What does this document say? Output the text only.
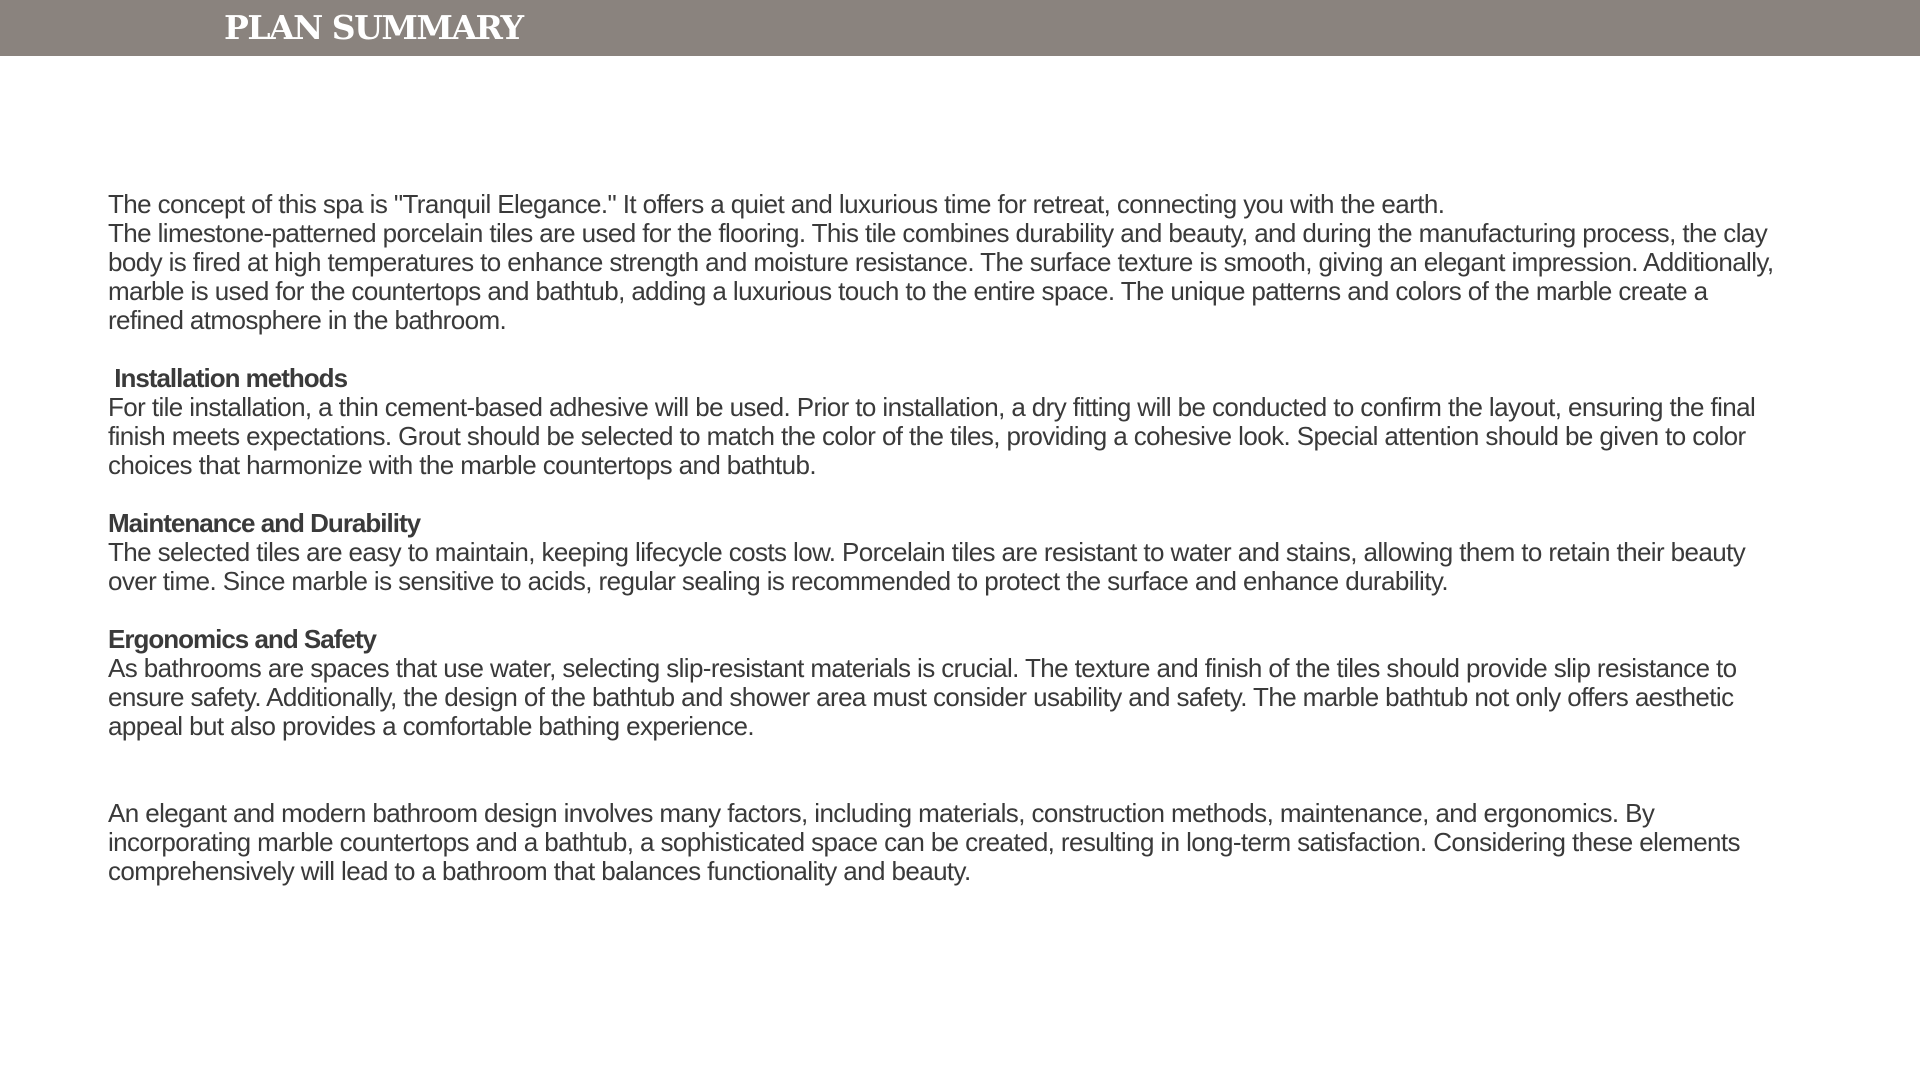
PLAN SUMMARY

The concept of this spa is "Tranquil Elegance." It offers a quiet and luxurious time for retreat, connecting you with the earth.

The limestone-patterned porcelain tiles are used for the flooring. This tile combines durability and beauty, and during the manufacturing process, the clay body is fired at high temperatures to enhance strength and moisture resistance. The surface texture is smooth, giving an elegant impression. Additionally, marble is used for the countertops and bathtub, adding a luxurious touch to the entire space. The unique patterns and colors of the marble create a refined atmosphere in the bathroom.

Installation methods

For tile installation, a thin cement-based adhesive will be used. Prior to installation, a dry fitting will be conducted to confirm the layout, ensuring the final finish meets expectations. Grout should be selected to match the color of the tiles, providing a cohesive look. Special attention should be given to color choices that harmonize with the marble countertops and bathtub.

Maintenance and Durability

The selected tiles are easy to maintain, keeping lifecycle costs low. Porcelain tiles are resistant to water and stains, allowing them to retain their beauty over time. Since marble is sensitive to acids, regular sealing is recommended to protect the surface and enhance durability.

Ergonomics and Safety

As bathrooms are spaces that use water, selecting slip-resistant materials is crucial. The texture and finish of the tiles should provide slip resistance to ensure safety. Additionally, the design of the bathtub and shower area must consider usability and safety. The marble bathtub not only offers aesthetic appeal but also provides a comfortable bathing experience.

An elegant and modern bathroom design involves many factors, including materials, construction methods, maintenance, and ergonomics. By incorporating marble countertops and a bathtub, a sophisticated space can be created, resulting in long-term satisfaction. Considering these elements comprehensively will lead to a bathroom that balances functionality and beauty.
